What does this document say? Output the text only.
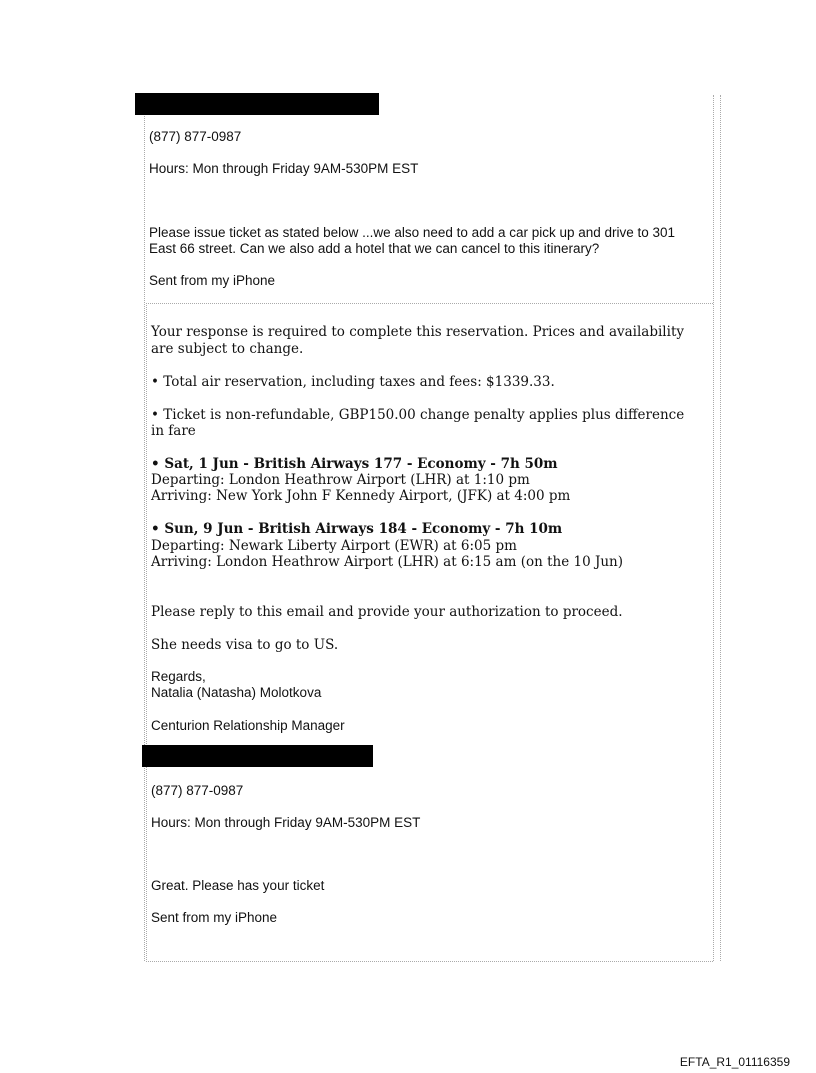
(877) 877-0987
Hours: Mon through Friday 9AM-530PM EST
Please issue ticket as stated below ...we also need to add a car pick up and drive to 301
East 66 street. Can we also add a hotel that we can cancel to this itinerary?
Sent from my iPhone
Your response is required to complete this reservation. Prices and availability
are subject to change.
• Total air reservation, including taxes and fees: $1339.33.
• Ticket is non-refundable, GBP150.00 change penalty applies plus difference
in fare
• Sat, 1 Jun - British Airways 177 - Economy - 7h 50m
Departing: London Heathrow Airport (LHR) at 1:10 pm
Arriving: New York John F Kennedy Airport, (JFK) at 4:00 pm
• Sun, 9 Jun - British Airways 184 - Economy - 7h 10m
Departing: Newark Liberty Airport (EWR) at 6:05 pm
Arriving: London Heathrow Airport (LHR) at 6:15 am (on the 10 Jun)
Please reply to this email and provide your authorization to proceed.
She needs visa to go to US.
Regards,
Natalia (Natasha) Molotkova
Centurion Relationship Manager
(877) 877-0987
Hours: Mon through Friday 9AM-530PM EST
Great. Please has your ticket
Sent from my iPhone
EFTA_R1_01116359
